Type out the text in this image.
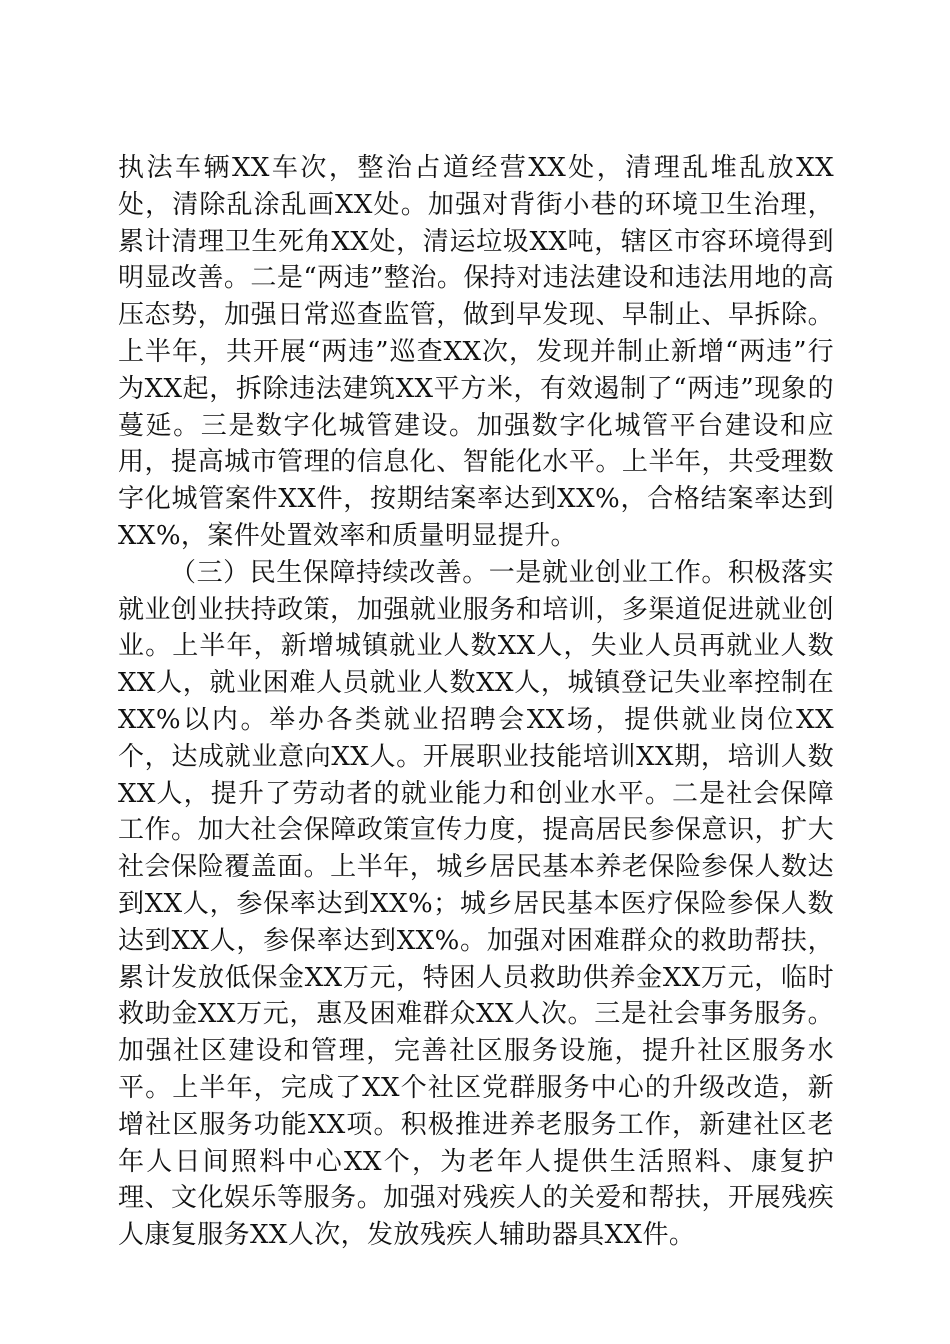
执法车辆XX车次，整治占道经营XX处，清理乱堆乱放XX处，清除乱涂乱画XX处。加强对背街小巷的环境卫生治理，累计清理卫生死角XX处，清运垃圾XX吨，辖区市容环境得到明显改善。二是“两违”整治。保持对违法建设和违法用地的高压态势，加强日常巡查监管，做到早发现、早制止、早拆除。上半年，共开展“两违”巡查XX次，发现并制止新增“两违”行为XX起，拆除违法建筑XX平方米，有效遏制了“两违”现象的蔓延。三是数字化城管建设。加强数字化城管平台建设和应用，提高城市管理的信息化、智能化水平。上半年，共受理数字化城管案件XX件，按期结案率达到XX%，合格结案率达到XX%，案件处置效率和质量明显提升。

（三）民生保障持续改善。一是就业创业工作。积极落实就业创业扶持政策，加强就业服务和培训，多渠道促进就业创业。上半年，新增城镇就业人数XX人，失业人员再就业人数XX人，就业困难人员就业人数XX人，城镇登记失业率控制在XX%以内。举办各类就业招聘会XX场，提供就业岗位XX个，达成就业意向XX人。开展职业技能培训XX期，培训人数XX人，提升了劳动者的就业能力和创业水平。二是社会保障工作。加大社会保障政策宣传力度，提高居民参保意识，扩大社会保险覆盖面。上半年，城乡居民基本养老保险参保人数达到XX人，参保率达到XX%；城乡居民基本医疗保险参保人数达到XX人，参保率达到XX%。加强对困难群众的救助帮扶，累计发放低保金XX万元，特困人员救助供养金XX万元，临时救助金XX万元，惠及困难群众XX人次。三是社会事务服务。加强社区建设和管理，完善社区服务设施，提升社区服务水平。上半年，完成了XX个社区党群服务中心的升级改造，新增社区服务功能XX项。积极推进养老服务工作，新建社区老年人日间照料中心XX个，为老年人提供生活照料、康复护理、文化娱乐等服务。加强对残疾人的关爱和帮扶，开展残疾人康复服务XX人次，发放残疾人辅助器具XX件。
